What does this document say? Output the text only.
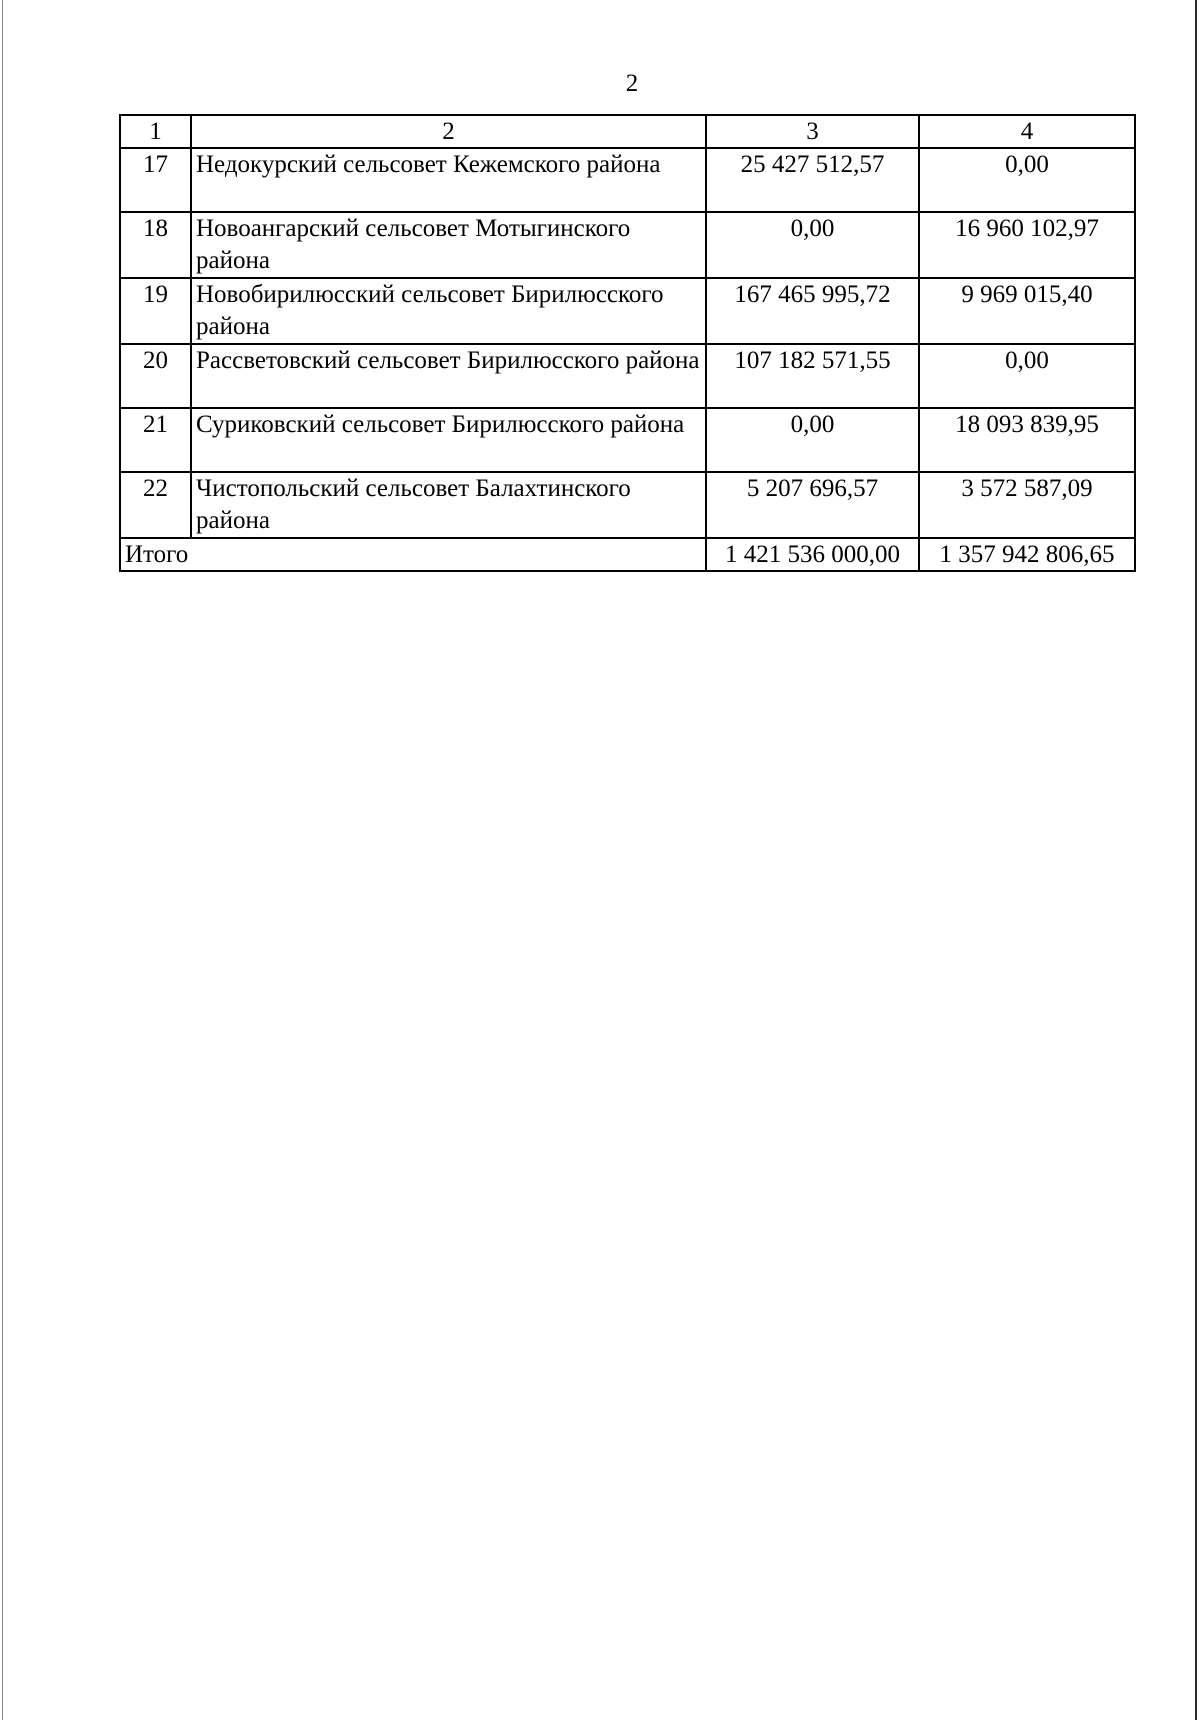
2
1	2	3	4
17	Недокурский сельсовет Кежемского района	25 427 512,57	0,00
18	Новоангарский сельсовет Мотыгинского района	0,00	16 960 102,97
19	Новобирилюсский сельсовет Бирилюсского района	167 465 995,72	9 969 015,40
20	Рассветовский сельсовет Бирилюсского района	107 182 571,55	0,00
21	Суриковский сельсовет Бирилюсского района	0,00	18 093 839,95
22	Чистопольский сельсовет Балахтинского района	5 207 696,57	3 572 587,09
Итого		1 421 536 000,00	1 357 942 806,65
